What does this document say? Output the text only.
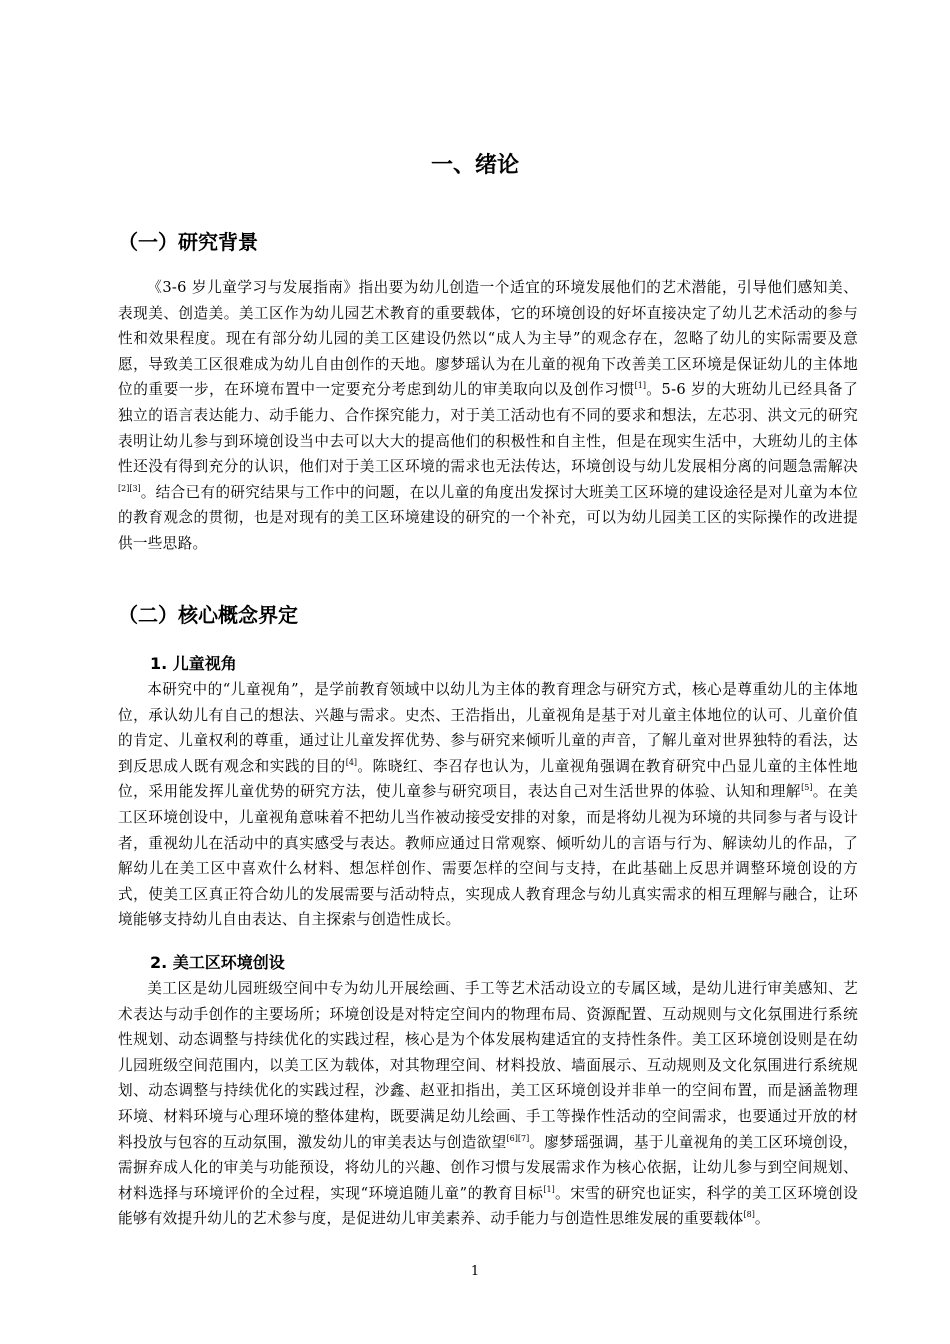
一、绪论
（一）研究背景

《3-6 岁儿童学习与发展指南》指出要为幼儿创造一个适宜的环境发展他们的艺术潜能，引导他们感知美、表现美、创造美。美工区作为幼儿园艺术教育的重要载体，它的环境创设的好坏直接决定了幼儿艺术活动的参与性和效果程度。现在有部分幼儿园的美工区建设仍然以“成人为主导”的观念存在，忽略了幼儿的实际需要及意愿，导致美工区很难成为幼儿自由创作的天地。廖梦瑶认为在儿童的视角下改善美工区环境是保证幼儿的主体地位的重要一步，在环境布置中一定要充分考虑到幼儿的审美取向以及创作习惯[1]。5-6 岁的大班幼儿已经具备了独立的语言表达能力、动手能力、合作探究能力，对于美工活动也有不同的要求和想法，左芯羽、洪文元的研究表明让幼儿参与到环境创设当中去可以大大的提高他们的积极性和自主性，但是在现实生活中，大班幼儿的主体性还没有得到充分的认识，他们对于美工区环境的需求也无法传达，环境创设与幼儿发展相分离的问题急需解决[2][3]。结合已有的研究结果与工作中的问题，在以儿童的角度出发探讨大班美工区环境的建设途径是对儿童为本位的教育观念的贯彻，也是对现有的美工区环境建设的研究的一个补充，可以为幼儿园美工区的实际操作的改进提供一些思路。

（二）核心概念界定
1. 儿童视角

本研究中的“儿童视角”，是学前教育领域中以幼儿为主体的教育理念与研究方式，核心是尊重幼儿的主体地位，承认幼儿有自己的想法、兴趣与需求。史杰、王浩指出，儿童视角是基于对儿童主体地位的认可、儿童价值的肯定、儿童权利的尊重，通过让儿童发挥优势、参与研究来倾听儿童的声音，了解儿童对世界独特的看法，达到反思成人既有观念和实践的目的[4]。陈晓红、李召存也认为，儿童视角强调在教育研究中凸显儿童的主体性地位，采用能发挥儿童优势的研究方法，使儿童参与研究项目，表达自己对生活世界的体验、认知和理解[5]。在美工区环境创设中，儿童视角意味着不把幼儿当作被动接受安排的对象，而是将幼儿视为环境的共同参与者与设计者，重视幼儿在活动中的真实感受与表达。教师应通过日常观察、倾听幼儿的言语与行为、解读幼儿的作品，了解幼儿在美工区中喜欢什么材料、想怎样创作、需要怎样的空间与支持，在此基础上反思并调整环境创设的方式，使美工区真正符合幼儿的发展需要与活动特点，实现成人教育理念与幼儿真实需求的相互理解与融合，让环境能够支持幼儿自由表达、自主探索与创造性成长。

2. 美工区环境创设

美工区是幼儿园班级空间中专为幼儿开展绘画、手工等艺术活动设立的专属区域，是幼儿进行审美感知、艺术表达与动手创作的主要场所；环境创设是对特定空间内的物理布局、资源配置、互动规则与文化氛围进行系统性规划、动态调整与持续优化的实践过程，核心是为个体发展构建适宜的支持性条件。美工区环境创设则是在幼儿园班级空间范围内，以美工区为载体，对其物理空间、材料投放、墙面展示、互动规则及文化氛围进行系统规划、动态调整与持续优化的实践过程，沙鑫、赵亚扣指出，美工区环境创设并非单一的空间布置，而是涵盖物理环境、材料环境与心理环境的整体建构，既要满足幼儿绘画、手工等操作性活动的空间需求，也要通过开放的材料投放与包容的互动氛围，激发幼儿的审美表达与创造欲望[6][7]。廖梦瑶强调，基于儿童视角的美工区环境创设，需摒弃成人化的审美与功能预设，将幼儿的兴趣、创作习惯与发展需求作为核心依据，让幼儿参与到空间规划、材料选择与环境评价的全过程，实现“环境追随儿童”的教育目标[1]。宋雪的研究也证实，科学的美工区环境创设能够有效提升幼儿的艺术参与度，是促进幼儿审美素养、动手能力与创造性思维发展的重要载体[8]。

1
